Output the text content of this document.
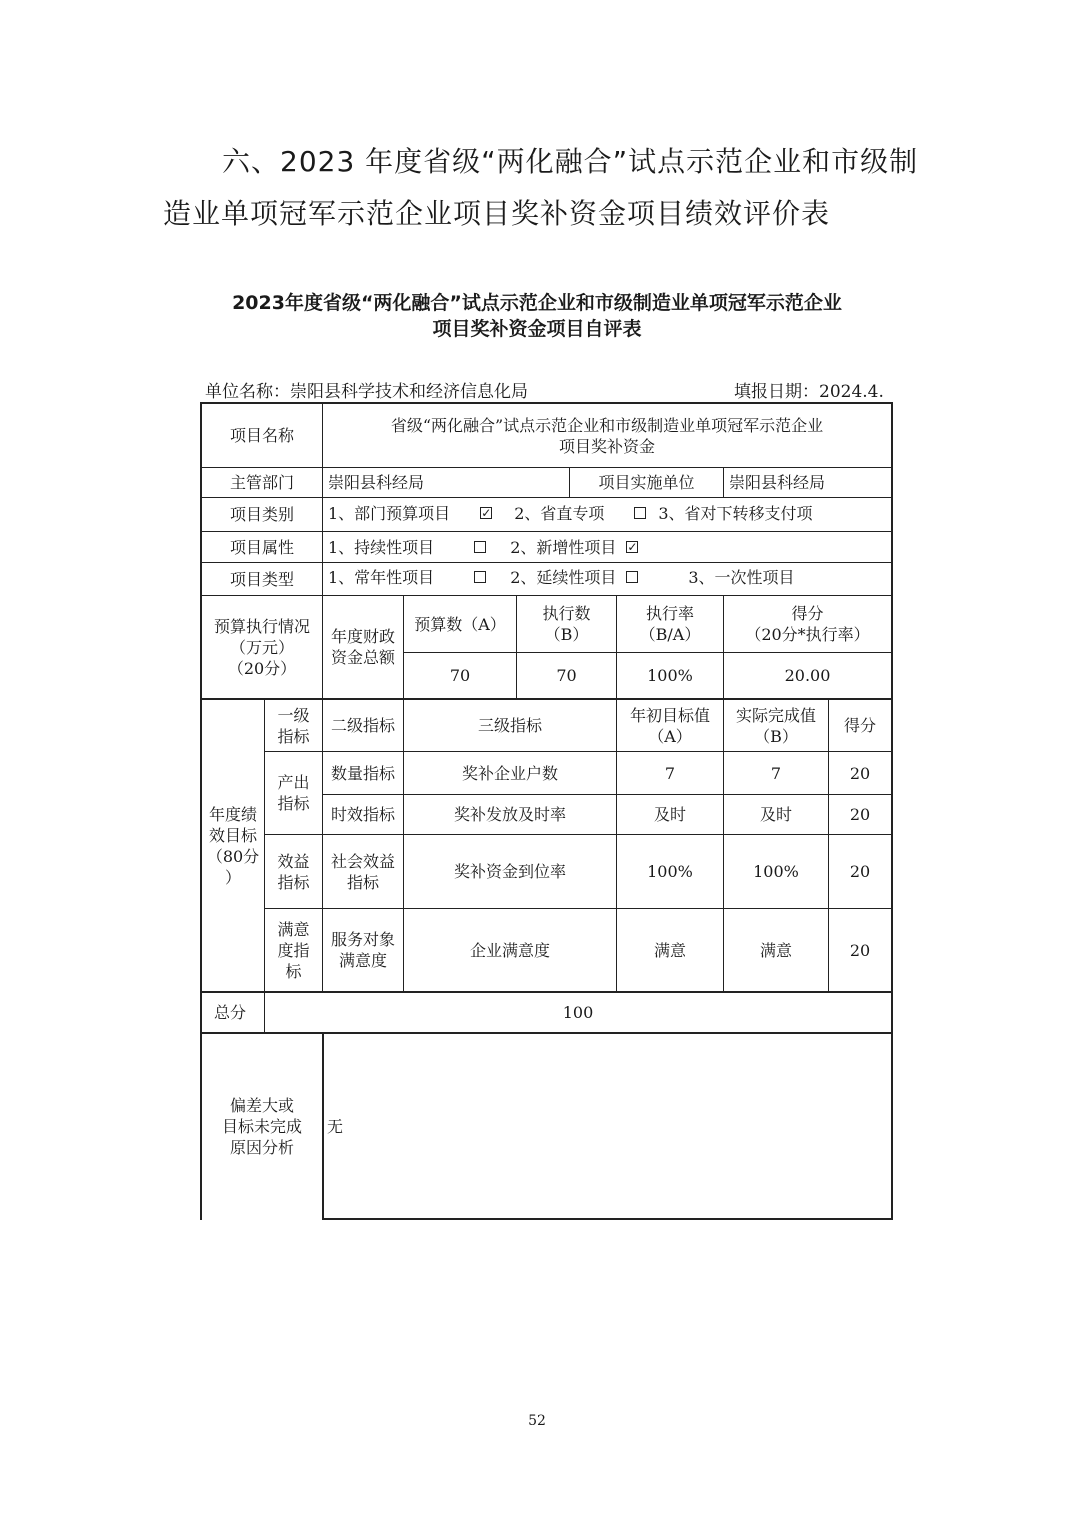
六、2023 年度省级“两化融合”试点示范企业和市级制
造业单项冠军示范企业项目奖补资金项目绩效评价表
2023年度省级“两化融合”试点示范企业和市级制造业单项冠军示范企业
项目奖补资金项目自评表
单位名称：崇阳县科学技术和经济信息化局	填报日期：2024.4.
项目名称
省级“两化融合”试点示范企业和市级制造业单项冠军示范企业
项目奖补资金
主管部门	崇阳县科经局	项目实施单位	崇阳县科经局
项目类别	1、部门预算项目
✓	2、省直专项	3、省对下转移支付项
项目属性	1、持续性项目	2、新增性项目
✓
项目类型	1、常年性项目	2、延续性项目	3、一次性项目
预算执行情况
（万元）
（20分）
年度财政
资金总额
预算数（A）
执行数
（B）
执行率
（B/A）
得分
（20分*执行率）
70	70	100%	20.00
年度绩
效目标
（80分
）
一级
指标
二级指标	三级指标
年初目标值
（A）
实际完成值
（B）
得分
产出
指标
效益
指标
满意
度指
标
数量指标	奖补企业户数	7	7	20
时效指标	奖补发放及时率	及时	及时	20
社会效益
指标
奖补资金到位率	100%	100%	20
服务对象
满意度
企业满意度	满意	满意	20
总分	100
偏差大或
目标未完成
原因分析
无
52
